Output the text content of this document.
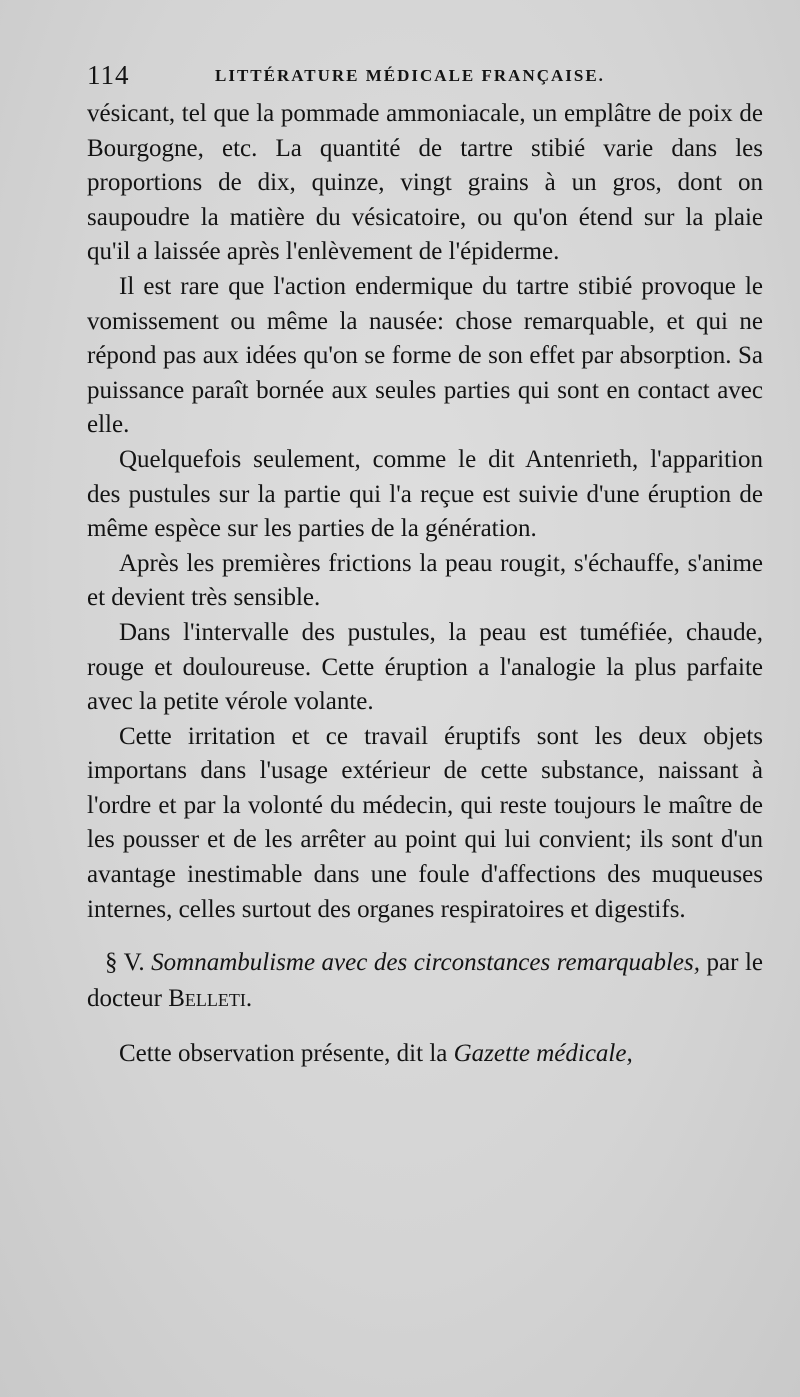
114	LITTÉRATURE MÉDICALE FRANÇAISE.

vésicant, tel que la pommade ammoniacale, un emplâtre de poix de Bourgogne, etc. La quantité de tartre stibié varie dans les proportions de dix, quinze, vingt grains à un gros, dont on saupoudre la matière du vésicatoire, ou qu'on étend sur la plaie qu'il a laissée après l'enlèvement de l'épiderme.

Il est rare que l'action endermique du tartre stibié provoque le vomissement ou même la nausée: chose remarquable, et qui ne répond pas aux idées qu'on se forme de son effet par absorption. Sa puissance paraît bornée aux seules parties qui sont en contact avec elle.

Quelquefois seulement, comme le dit Antenrieth, l'apparition des pustules sur la partie qui l'a reçue est suivie d'une éruption de même espèce sur les parties de la génération.

Après les premières frictions la peau rougit, s'échauffe, s'anime et devient très sensible.

Dans l'intervalle des pustules, la peau est tuméfiée, chaude, rouge et douloureuse. Cette éruption a l'analogie la plus parfaite avec la petite vérole volante.

Cette irritation et ce travail éruptifs sont les deux objets importans dans l'usage extérieur de cette substance, naissant à l'ordre et par la volonté du médecin, qui reste toujours le maître de les pousser et de les arrêter au point qui lui convient; ils sont d'un avantage inestimable dans une foule d'affections des muqueuses internes, celles surtout des organes respiratoires et digestifs.

§ V. Somnambulisme avec des circonstances remarquables, par le docteur Belleti.

Cette observation présente, dit la Gazette médicale,
